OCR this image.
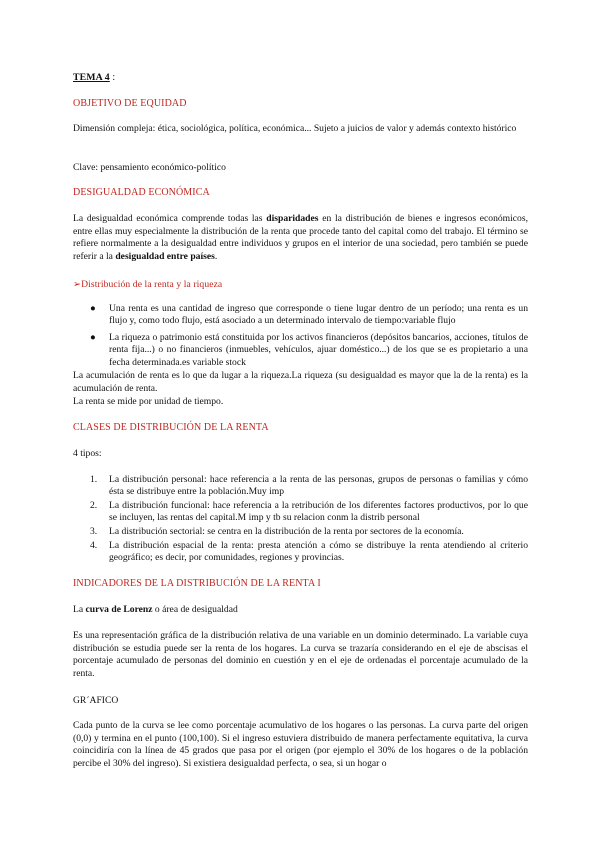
TEMA 4 :

OBJETIVO DE EQUIDAD

Dimensión compleja: ética, sociológica, política, económica... Sujeto a juicios de valor y además contexto histórico

Clave: pensamiento económico-político

DESIGUALDAD ECONÓMICA

La desigualdad económica comprende todas las disparidades en la distribución de bienes e ingresos económicos, entre ellas muy especialmente la distribución de la renta que procede tanto del capital como del trabajo. El término se refiere normalmente a la desigualdad entre individuos y grupos en el interior de una sociedad, pero también se puede referir a la desigualdad entre países.

➢Distribución de la renta y la riqueza

●	Una renta es una cantidad de ingreso que corresponde o tiene lugar dentro de un período; una renta es un flujo y, como todo flujo, está asociado a un determinado intervalo de tiempo:variable flujo
●	La riqueza o patrimonio está constituida por los activos financieros (depósitos bancarios, acciones, títulos de renta fija...) o no financieros (inmuebles, vehículos, ajuar doméstico...) de los que se es propietario a una fecha determinada.es variable stock

La acumulación de renta es lo que da lugar a la riqueza.La riqueza (su desigualdad es mayor que la de la renta) es la acumulación de renta.

La renta se mide por unidad de tiempo.

CLASES DE DISTRIBUCIÓN DE LA RENTA

4 tipos:

1.	La distribución personal: hace referencia a la renta de las personas, grupos de personas o familias y cómo ésta se distribuye entre la población.Muy imp
2.	La distribución funcional: hace referencia a la retribución de los diferentes factores productivos, por lo que se incluyen, las rentas del capital.M imp y tb su relacion conm la distrib personal
3.	La distribución sectorial: se centra en la distribución de la renta por sectores de la economía.
4.	La distribución espacial de la renta: presta atención a cómo se distribuye la renta atendiendo al criterio geográfico; es decir, por comunidades, regiones y provincias.

INDICADORES DE LA DISTRIBUCIÓN DE LA RENTA I

La curva de Lorenz o área de desigualdad

Es una representación gráfica de la distribución relativa de una variable en un dominio determinado. La variable cuya distribución se estudia puede ser la renta de los hogares. La curva se trazaría considerando en el eje de abscisas el porcentaje acumulado de personas del dominio en cuestión y en el eje de ordenadas el porcentaje acumulado de la renta.

GR´AFICO

Cada punto de la curva se lee como porcentaje acumulativo de los hogares o las personas. La curva parte del origen (0,0) y termina en el punto (100,100). Si el ingreso estuviera distribuido de manera perfectamente equitativa, la curva coincidiría con la línea de 45 grados que pasa por el origen (por ejemplo el 30% de los hogares o de la población percibe el 30% del ingreso). Si existiera desigualdad perfecta, o sea, si un hogar o
